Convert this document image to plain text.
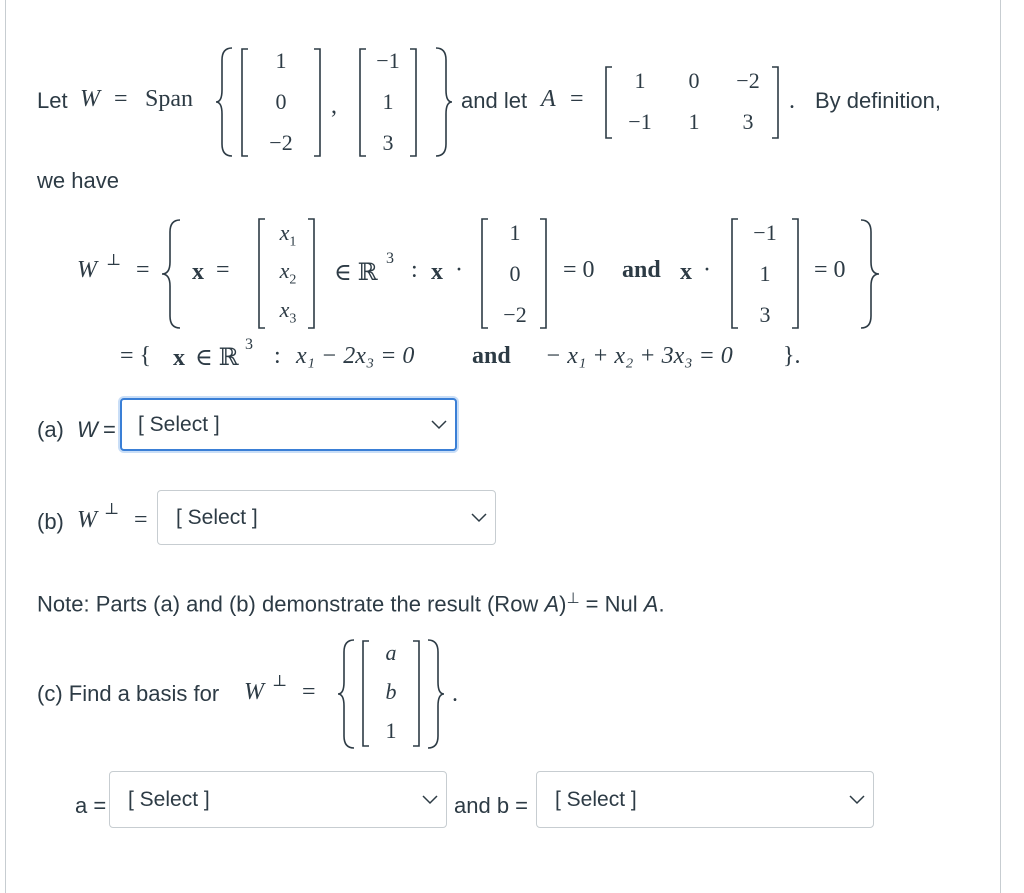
Let W = Span
1
0
−2
,
−1
1
3
and let A =
1	0	−2
−1	1	3
. By definition,
we have
W ⊥ = x =
$x_1$
$x_2$
$x_3$
∈ ℝ
3 : x ·
1
0
−2
= 0 and x ·
−1
1
3
= 0
= { x ∈ ℝ
3 : x₁ − 2x₃ = 0 and − x₁ + x₂ + 3x₃ = 0 }.
(a) W = [ Select ]
(b) W ⊥ = [ Select ]
Note: Parts (a) and (b) demonstrate the result (Row A)⊥ = Nul A.
(c) Find a basis for W ⊥ =
a
b
1
.
a = [ Select ]	and b = [ Select ]
